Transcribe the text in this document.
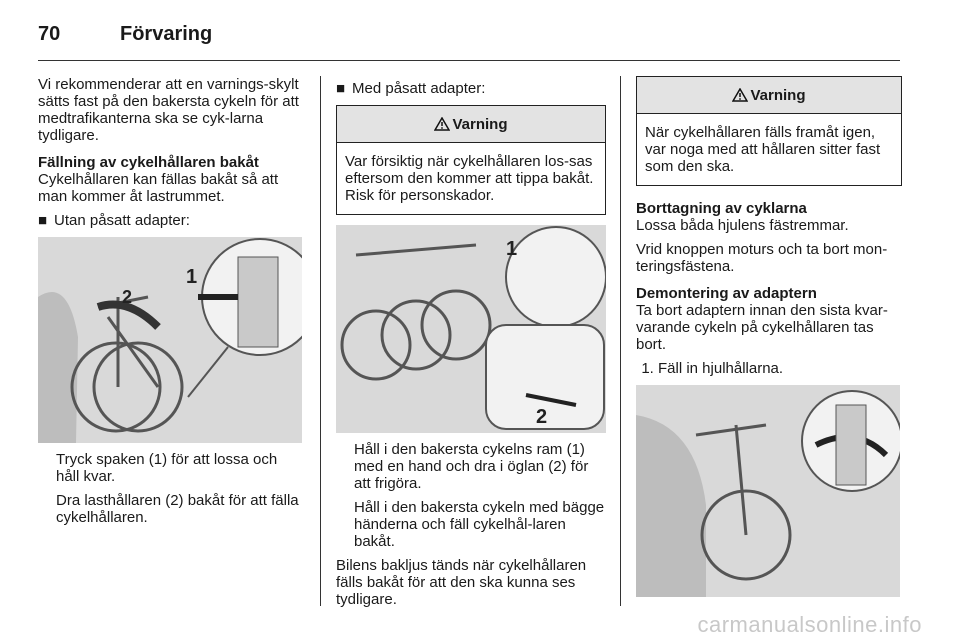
70	Förvaring

Vi rekommenderar att en varnings-skylt sätts fast på den bakersta cykeln för att medtrafikanterna ska se cyk-larna tydligare.

Fällning av cykelhållaren bakåt

Cykelhållaren kan fällas bakåt så att man kommer åt lastrummet.

■ Utan påsatt adapter:
2
1

Tryck spaken (1) för att lossa och håll kvar.

Dra lasthållaren (2) bakåt för att fälla cykelhållaren.

■ Med påsatt adapter:
Varning
Var försiktig när cykelhållaren los-sas eftersom den kommer att tippa bakåt. Risk för personskador.
1
2

Håll i den bakersta cykelns ram (1) med en hand och dra i öglan (2) för att frigöra.

Håll i den bakersta cykeln med bägge händerna och fäll cykelhål-laren bakåt.

Bilens bakljus tänds när cykelhållaren fälls bakåt för att den ska kunna ses tydligare.

Varning
När cykelhållaren fälls framåt igen, var noga med att hållaren sitter fast som den ska.

Borttagning av cyklarna

Lossa båda hjulens fästremmar.

Vrid knoppen moturs och ta bort mon-teringsfästena.

Demontering av adaptern

Ta bort adaptern innan den sista kvar-varande cykeln på cykelhållaren tas bort.

1. Fäll in hjulhållarna.
carmanualsonline.info
